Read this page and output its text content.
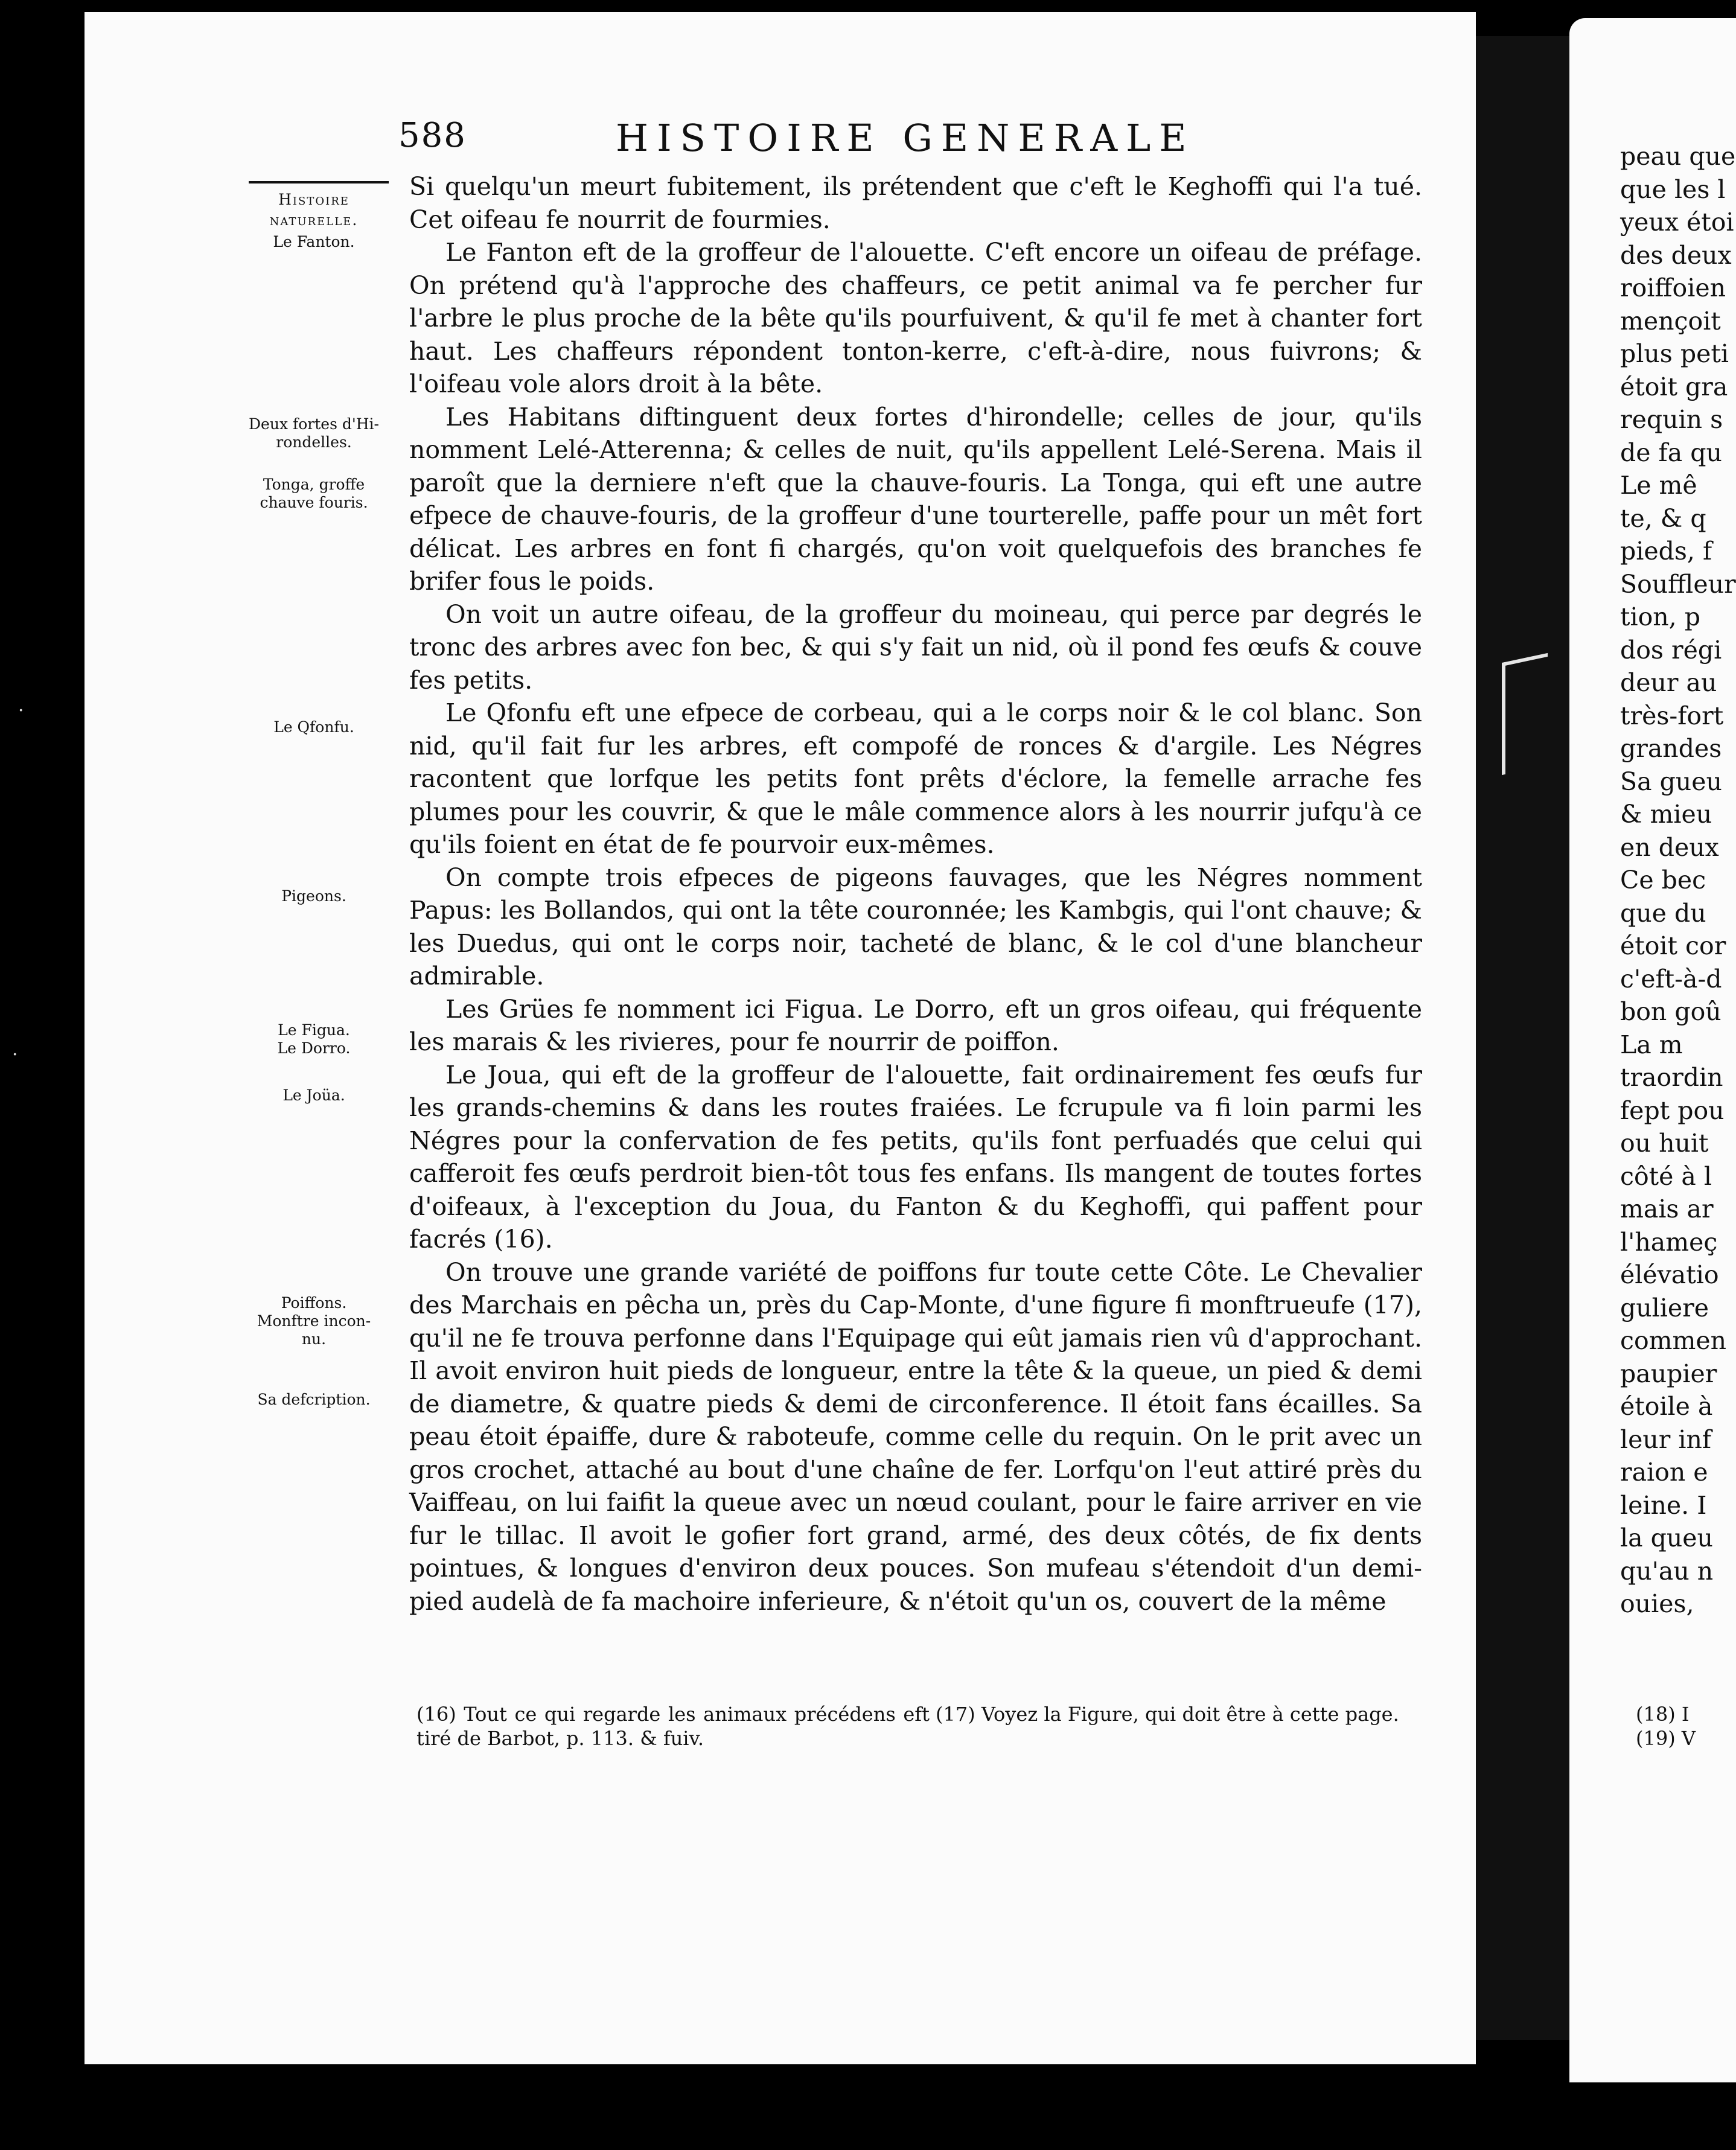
·
·
588	HISTOIRE GENERALE
Histoire
naturelle.
Le Fanton.
Deux fortes d'Hi-
rondelles.
Tonga, groffe
chauve fouris.
Le Qfonfu.
Pigeons.
Le Figua.
Le Dorro.
Le Joüa.
Poiffons.
Monftre incon-
nu.
Sa defcription.

Si quelqu'un meurt fubitement, ils prétendent que c'eft le Keghoffi qui l'a tué. Cet oifeau fe nourrit de fourmies.

Le Fanton eft de la groffeur de l'alouette. C'eft encore un oifeau de préfage. On prétend qu'à l'approche des chaffeurs, ce petit animal va fe percher fur l'arbre le plus proche de la bête qu'ils pourfuivent, & qu'il fe met à chanter fort haut. Les chaffeurs répondent tonton-kerre, c'eft-à-dire, nous fuivrons; & l'oifeau vole alors droit à la bête.

Les Habitans diftinguent deux fortes d'hirondelle; celles de jour, qu'ils nomment Lelé-Atterenna; & celles de nuit, qu'ils appellent Lelé-Serena. Mais il paroît que la derniere n'eft que la chauve-fouris. La Tonga, qui eft une autre efpece de chauve-fouris, de la groffeur d'une tourterelle, paffe pour un mêt fort délicat. Les arbres en font fi chargés, qu'on voit quelquefois des branches fe brifer fous le poids.

On voit un autre oifeau, de la groffeur du moineau, qui perce par degrés le tronc des arbres avec fon bec, & qui s'y fait un nid, où il pond fes œufs & couve fes petits.

Le Qfonfu eft une efpece de corbeau, qui a le corps noir & le col blanc. Son nid, qu'il fait fur les arbres, eft compofé de ronces & d'argile. Les Négres racontent que lorfque les petits font prêts d'éclore, la femelle arrache fes plumes pour les couvrir, & que le mâle commence alors à les nourrir jufqu'à ce qu'ils foient en état de fe pourvoir eux-mêmes.

On compte trois efpeces de pigeons fauvages, que les Négres nomment Papus: les Bollandos, qui ont la tête couronnée; les Kambgis, qui l'ont chauve; & les Duedus, qui ont le corps noir, tacheté de blanc, & le col d'une blancheur admirable.

Les Grües fe nomment ici Figua. Le Dorro, eft un gros oifeau, qui fréquente les marais & les rivieres, pour fe nourrir de poiffon.

Le Joua, qui eft de la groffeur de l'alouette, fait ordinairement fes œufs fur les grands-chemins & dans les routes fraiées. Le fcrupule va fi loin parmi les Négres pour la confervation de fes petits, qu'ils font perfuadés que celui qui cafferoit fes œufs perdroit bien-tôt tous fes enfans. Ils mangent de toutes fortes d'oifeaux, à l'exception du Joua, du Fanton & du Keghoffi, qui paffent pour facrés (16).

On trouve une grande variété de poiffons fur toute cette Côte. Le Chevalier des Marchais en pêcha un, près du Cap-Monte, d'une figure fi monftrueufe (17), qu'il ne fe trouva perfonne dans l'Equipage qui eût jamais rien vû d'approchant. Il avoit environ huit pieds de longueur, entre la tête & la queue, un pied & demi de diametre, & quatre pieds & demi de circonference. Il étoit fans écailles. Sa peau étoit épaiffe, dure & raboteufe, comme celle du requin. On le prit avec un gros crochet, attaché au bout d'une chaîne de fer. Lorfqu'on l'eut attiré près du Vaiffeau, on lui faifit la queue avec un nœud coulant, pour le faire arriver en vie fur le tillac. Il avoit le gofier fort grand, armé, des deux côtés, de fix dents pointues, & longues d'environ deux pouces. Son mufeau s'étendoit d'un demi-pied audelà de fa machoire inferieure, & n'étoit qu'un os, couvert de la même

(16) Tout ce qui regarde les animaux précédens eft tiré de Barbot, p. 113. & fuiv.
(17) Voyez la Figure, qui doit être à cette page.
peau que
que les l
yeux étoi
des deux
roiffoien
mençoit
plus peti
étoit gra
requin s
de fa qu
Le mê
te, & q
pieds, f
Souffleur
tion, p
dos régi
deur au
très-fort
grandes
Sa gueu
& mieu
en deux
Ce bec
que du
étoit cor
c'eft-à-d
bon goû
La m
traordin
fept pou
ou huit
côté à l
mais ar
l'hameç
élévatio
guliere
commen
paupier
étoile à
leur inf
raion e
leine. I
la queu
qu'au n
ouies,
(18) I
(19) V
